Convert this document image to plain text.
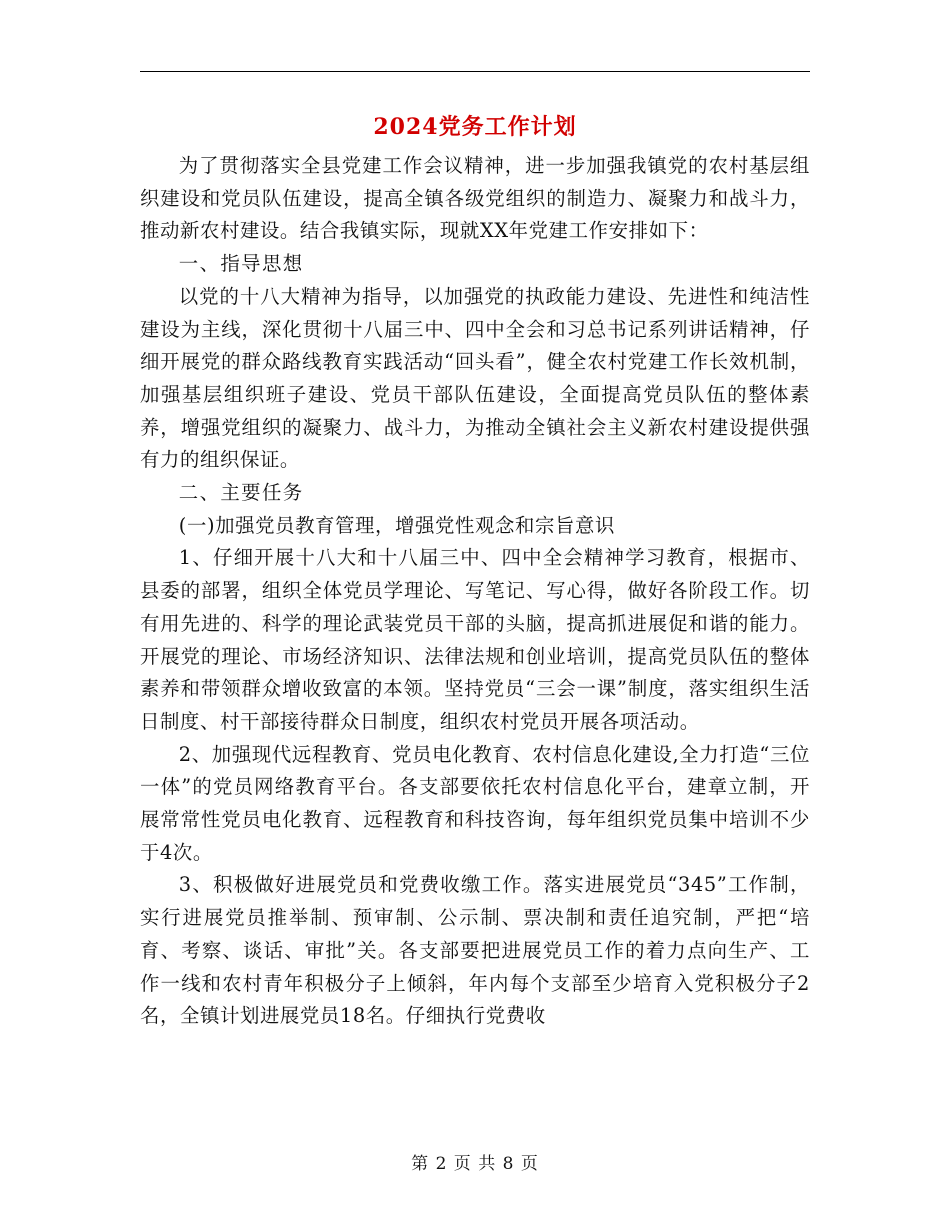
2024党务工作计划

为了贯彻落实全县党建工作会议精神，进一步加强我镇党的农村基层组织建设和党员队伍建设，提高全镇各级党组织的制造力、凝聚力和战斗力，推动新农村建设。结合我镇实际，现就XX年党建工作安排如下：

一、指导思想

以党的十八大精神为指导，以加强党的执政能力建设、先进性和纯洁性建设为主线，深化贯彻十八届三中、四中全会和习总书记系列讲话精神，仔细开展党的群众路线教育实践活动“回头看”，健全农村党建工作长效机制，加强基层组织班子建设、党员干部队伍建设，全面提高党员队伍的整体素养，增强党组织的凝聚力、战斗力，为推动全镇社会主义新农村建设提供强有力的组织保证。

二、主要任务

(一)加强党员教育管理，增强党性观念和宗旨意识

1、仔细开展十八大和十八届三中、四中全会精神学习教育，根据市、县委的部署，组织全体党员学理论、写笔记、写心得，做好各阶段工作。切有用先进的、科学的理论武装党员干部的头脑，提高抓进展促和谐的能力。开展党的理论、市场经济知识、法律法规和创业培训，提高党员队伍的整体素养和带领群众增收致富的本领。坚持党员“三会一课”制度，落实组织生活日制度、村干部接待群众日制度，组织农村党员开展各项活动。

2、加强现代远程教育、党员电化教育、农村信息化建设,全力打造“三位一体”的党员网络教育平台。各支部要依托农村信息化平台，建章立制，开展常常性党员电化教育、远程教育和科技咨询，每年组织党员集中培训不少于4次。

3、积极做好进展党员和党费收缴工作。落实进展党员“345”工作制，实行进展党员推举制、预审制、公示制、票决制和责任追究制，严把“培育、考察、谈话、审批”关。各支部要把进展党员工作的着力点向生产、工作一线和农村青年积极分子上倾斜，年内每个支部至少培育入党积极分子2名，全镇计划进展党员18名。仔细执行党费收

第 2 页 共 8 页
